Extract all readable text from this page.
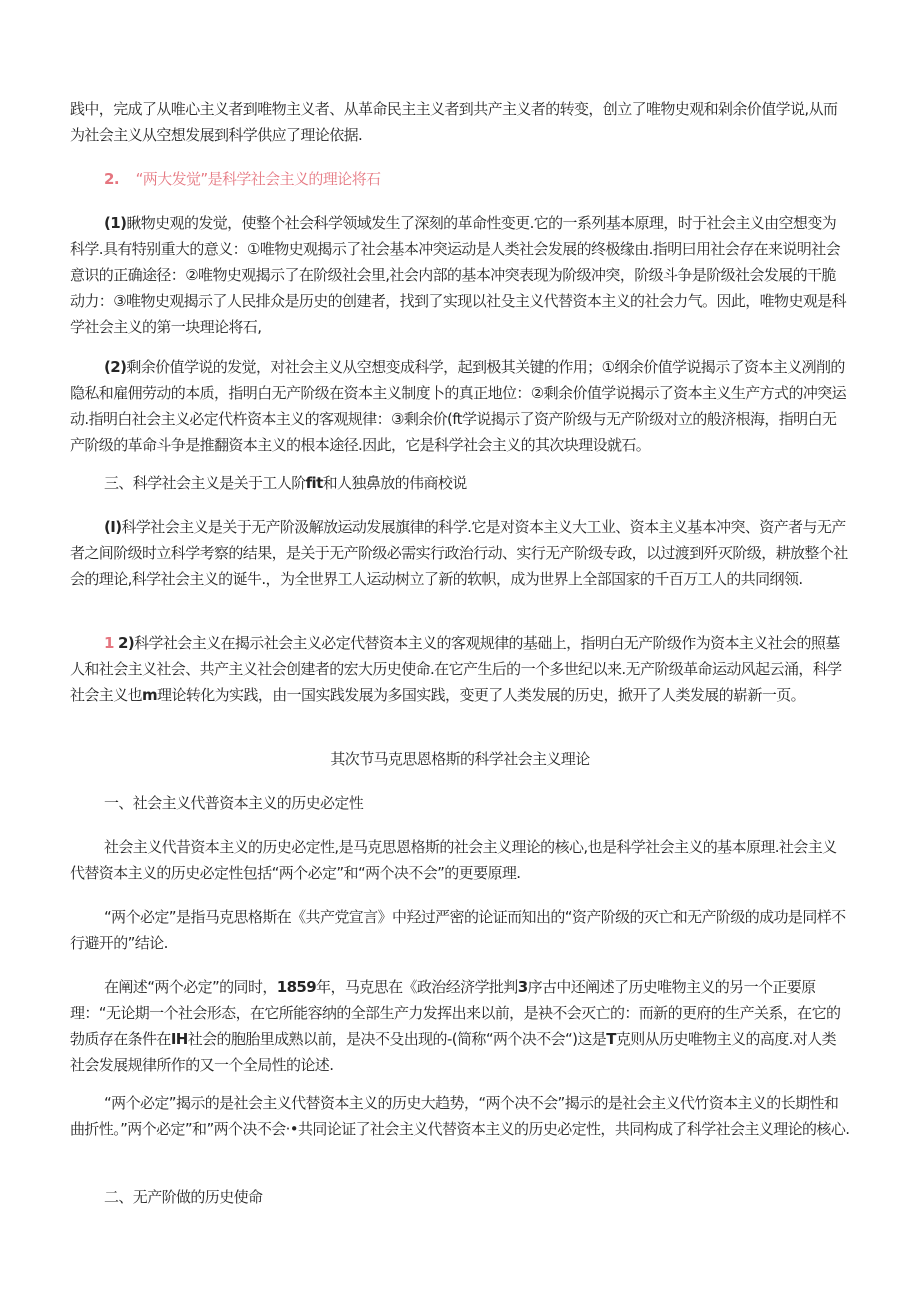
践中，完成了从唯心主义者到唯物主义者、从革命民主主义者到共产主义者的转变，创立了唯物史观和剁余价值学说,从而为社会主义从空想发展到科学供应了理论依据.

2. “两大发觉”是科学社会主义的理论将石

(1)瞅物史观的发觉，使整个社会科学领域发生了深刻的革命性变更.它的一系列基本原理，时于社会主义由空想变为科学.具有特别重大的意义：①唯物史观揭示了社会基本冲突运动是人类社会发展的终极缘由.指明曰用社会存在来说明社会意识的正确途径：②唯物史观揭示了在阶级社会里,社会内部的基本冲突表现为阶级冲突，阶级斗争是阶级社会发展的干脆动力：③唯物史观揭示了人民排众是历史的创建者，找到了实现以社殳主义代替资本主义的社会力气。因此，唯物史观是科学社会主义的第一块理论将石,

(2)剩余价值学说的发觉，对社会主义从空想变成科学，起到极其关键的作用；①纲余价值学说揭示了资本主义冽削的隐私和雇佣劳动的本质，指明白无产阶级在资本主义制度卜的真正地位：②剩余价值学说揭示了资本主义生产方式的冲突运动.指明白社会主义必定代杵资本主义的客观规律：③剩余价(ft学说揭示了资产阶级与无产阶级对立的般济根海，指明白无产阶级的革命斗争是推翻资本主义的根本途径.因此，它是科学社会主义的其次块理设就石。

三、科学社会主义是关于工人阶fit和人独鼻放的伟商校说

(I)科学社会主义是关于无产阶汲解放运动发展旗律的科学.它是对资本主义大工业、资本主义基本冲突、资产者与无产者之间阶级时立科学考察的结果，是关于无产阶级必需实行政治行动、实行无产阶级专政，以过渡到歼灭阶级，耕放整个社会的理论,科学社会主义的诞牛.，为全世界工人运动树立了新的软帜，成为世界上全部国家的千百万工人的共同纲领.

1 2)科学社会主义在揭示社会主义必定代替资本主义的客观规律的基础上，指明白无产阶级作为资本主义社会的照墓人和社会主义社会、共产主义社会创建者的宏大历史使命.在它产生后的一个多世纪以来.无产阶级革命运动风起云涌，科学社会主义也m理论转化为实践，由一国实践发展为多国实践，变更了人类发展的历史，掀开了人类发展的崭新一页。

其次节马克思恩格斯的科学社会主义理论

一、社会主义代普资本主义的历史必定性

社会主义代昔资本主义的历史必定性,是马克思恩格斯的社会主义理论的核心,也是科学社会主义的基本原理.社会主义代替资本主义的历史必定性包括“两个必定”和“两个决不会”的更要原理.

“两个必定”是指马克思格斯在《共产党宣言》中羟过严密的论证而知出的“资产阶级的灭亡和无产阶级的成功是同样不行避开的”结论.

在阐述“两个必定”的同时，1859年，马克思在《政治经济学批判3序古中还阐述了历史唯物主义的另一个正要原理：“无论期一个社会形态，在它所能容纳的全部生产力发挥出来以前，是袂不会灭亡的：而新的更府的生产关系，在它的勃质存在条件在IH社会的胞胎里成熟以前，是决不殳出现的-(简称“两个决不会“)这是T克则从历史唯物主义的高度.对人类社会发展规律所作的又一个全局性的论述.

“两个必定”揭示的是社会主义代替资本主义的历史大趋势，“两个决不会”揭示的是社会主义代竹资本主义的长期性和曲折性。”两个必定”和”两个决不会·•共同论证了社会主义代替资本主义的历史必定性，共同构成了科学社会主义理论的核心.

二、无产阶做的历史使命
